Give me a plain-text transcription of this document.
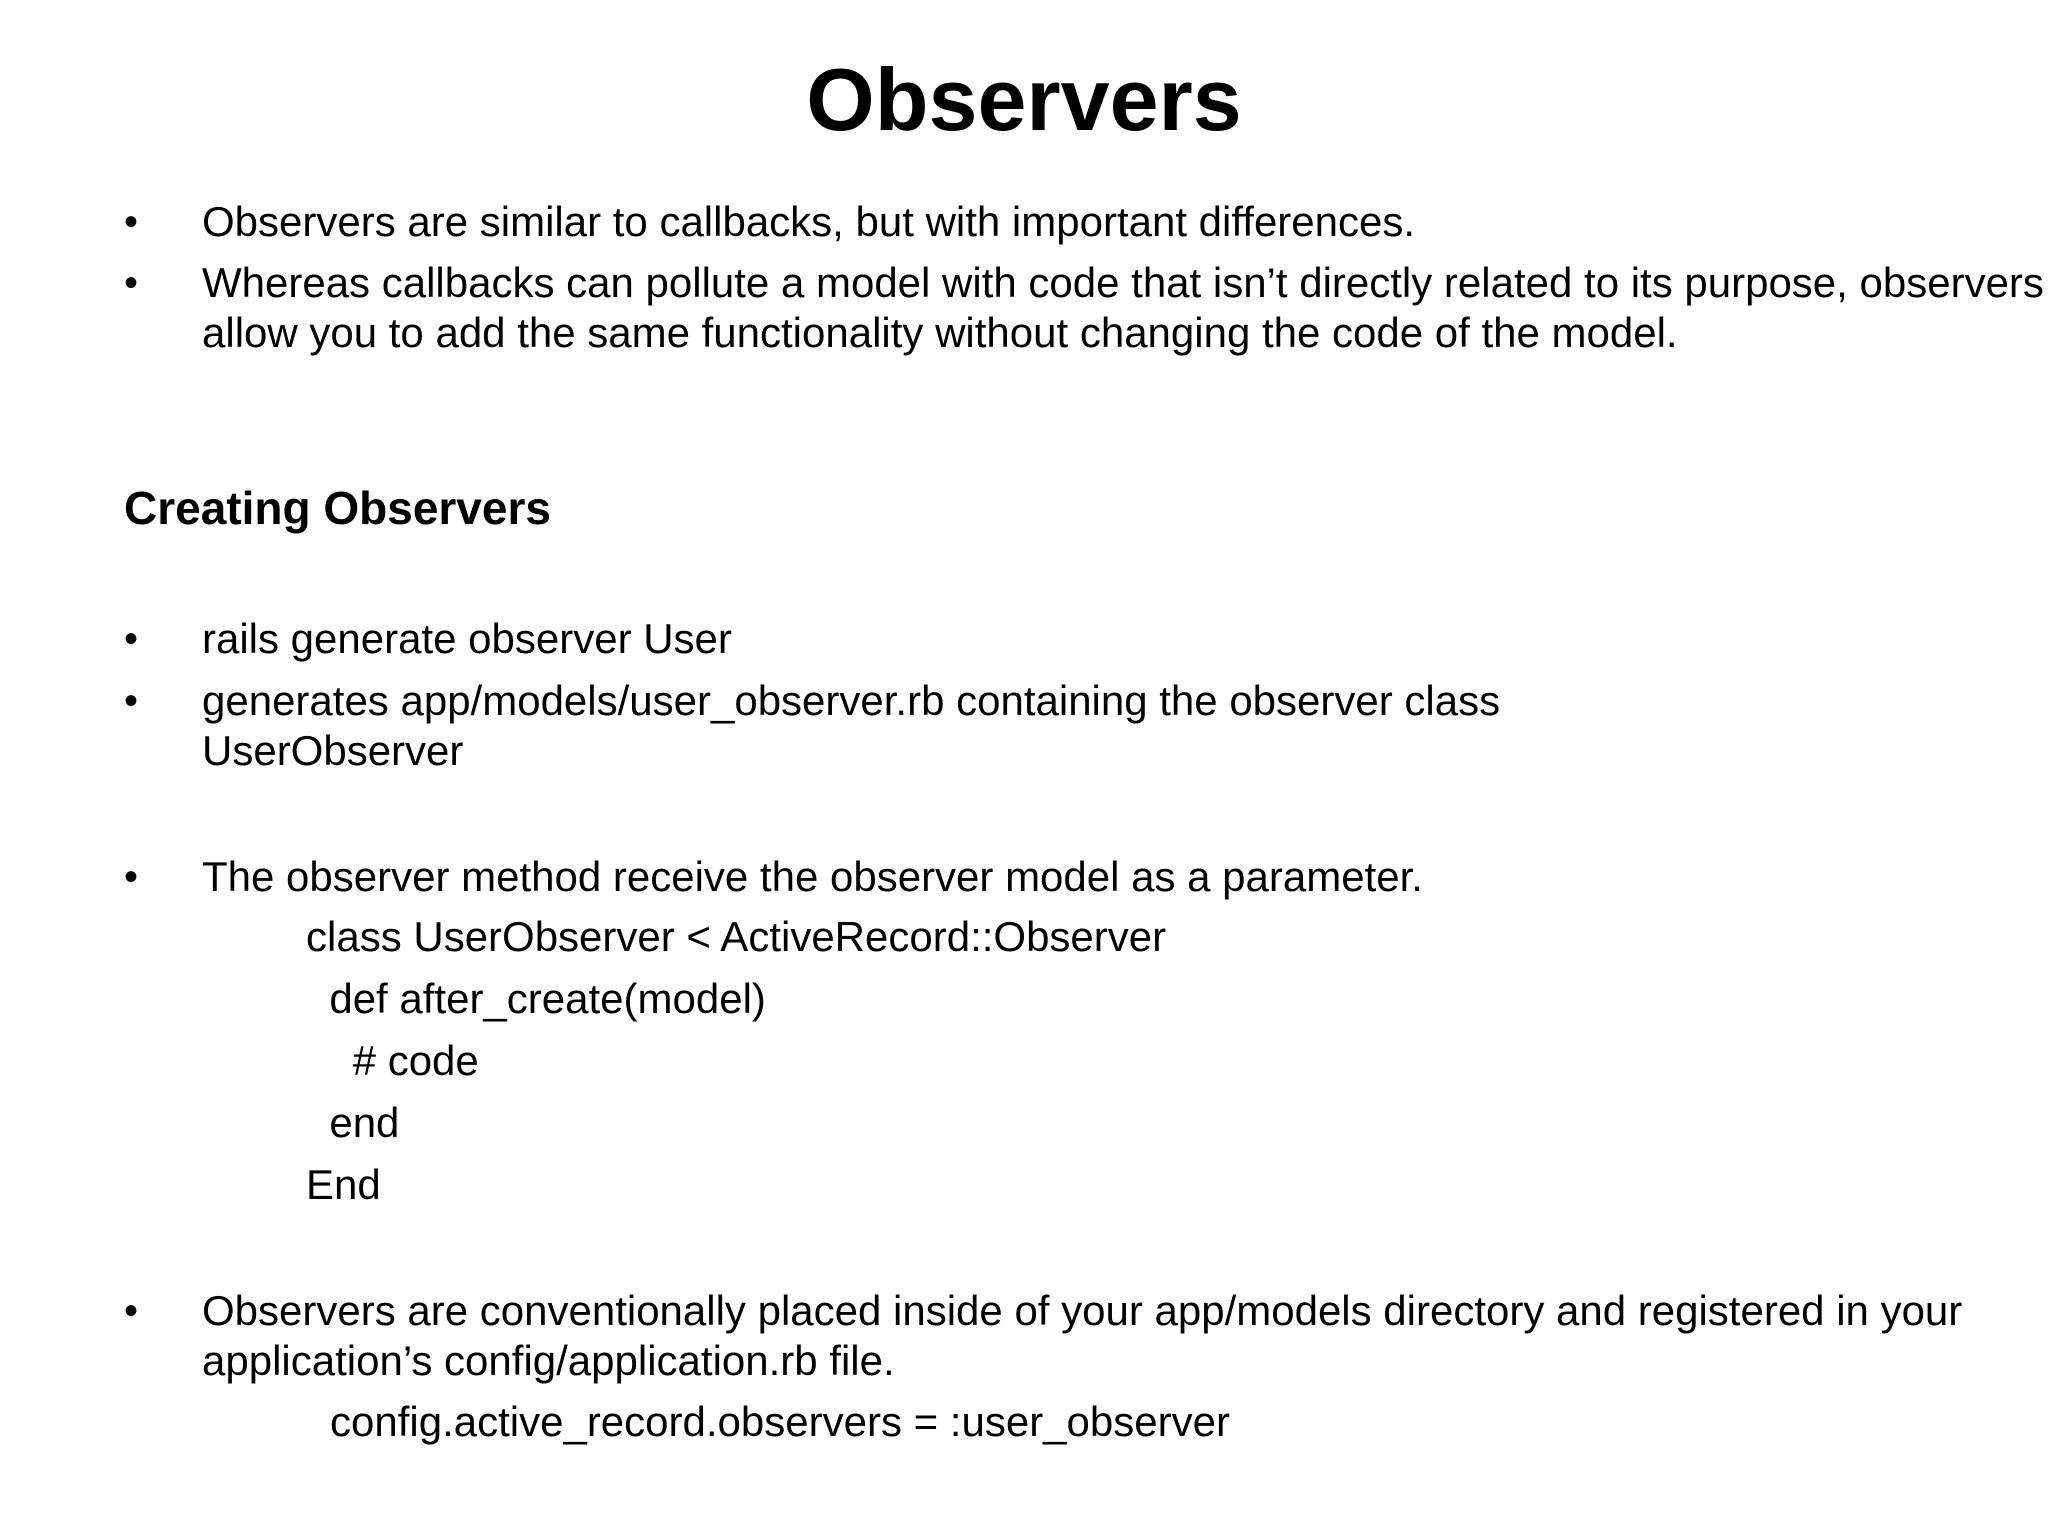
Observers
•	Observers are similar to callbacks, but with important differences.
•	Whereas callbacks can pollute a model with code that isn’t directly related to its purpose, observers allow you to add the same functionality without changing the code of the model.
Creating Observers
•	rails generate observer User
•	generates app/models/user_observer.rb containing the observer class UserObserver
•	The observer method receive the observer model as a parameter.
class UserObserver < ActiveRecord::Observer
def after_create(model)
# code
end
End
•	Observers are conventionally placed inside of your app/models directory and registered in your application’s config/application.rb file.
config.active_record.observers = :user_observer
